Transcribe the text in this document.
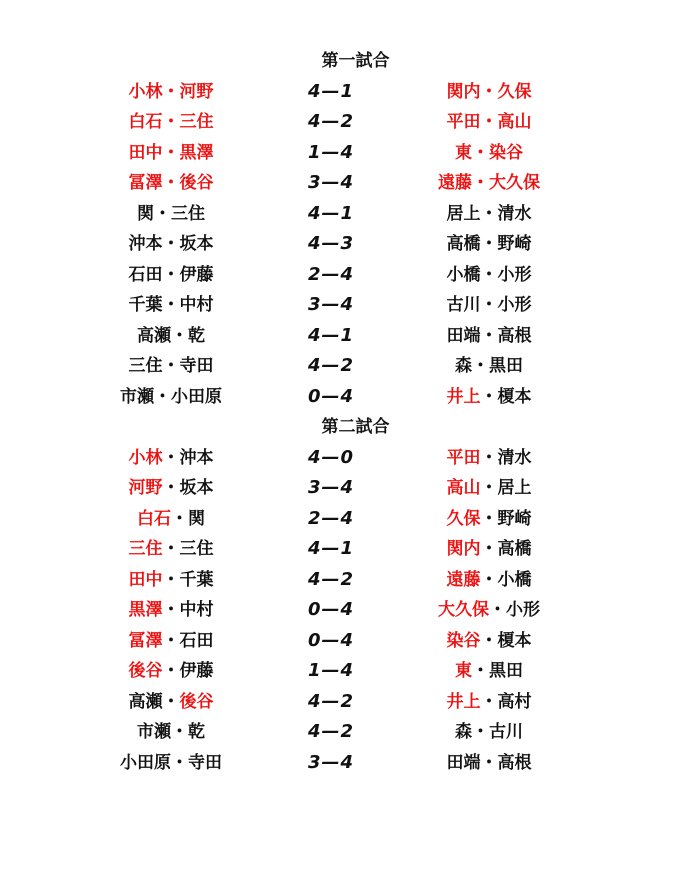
第一試合
小林・河野	4—1	関内・久保
白石・三住	4—2	平田・高山
田中・黒澤	1—4	東・染谷
冨澤・後谷	3—4	遠藤・大久保
関・三住	4—1	居上・清水
沖本・坂本	4—3	高橋・野崎
石田・伊藤	2—4	小橋・小形
千葉・中村	3—4	古川・小形
高瀬・乾	4—1	田端・高根
三住・寺田	4—2	森・黒田
市瀬・小田原	0—4	井上・榎本
第二試合
小林・沖本	4—0	平田・清水
河野・坂本	3—4	高山・居上
白石・関	2—4	久保・野崎
三住・三住	4—1	関内・高橋
田中・千葉	4—2	遠藤・小橋
黒澤・中村	0—4	大久保・小形
冨澤・石田	0—4	染谷・榎本
後谷・伊藤	1—4	東・黒田
高瀬・後谷	4—2	井上・高村
市瀬・乾	4—2	森・古川
小田原・寺田	3—4	田端・高根
